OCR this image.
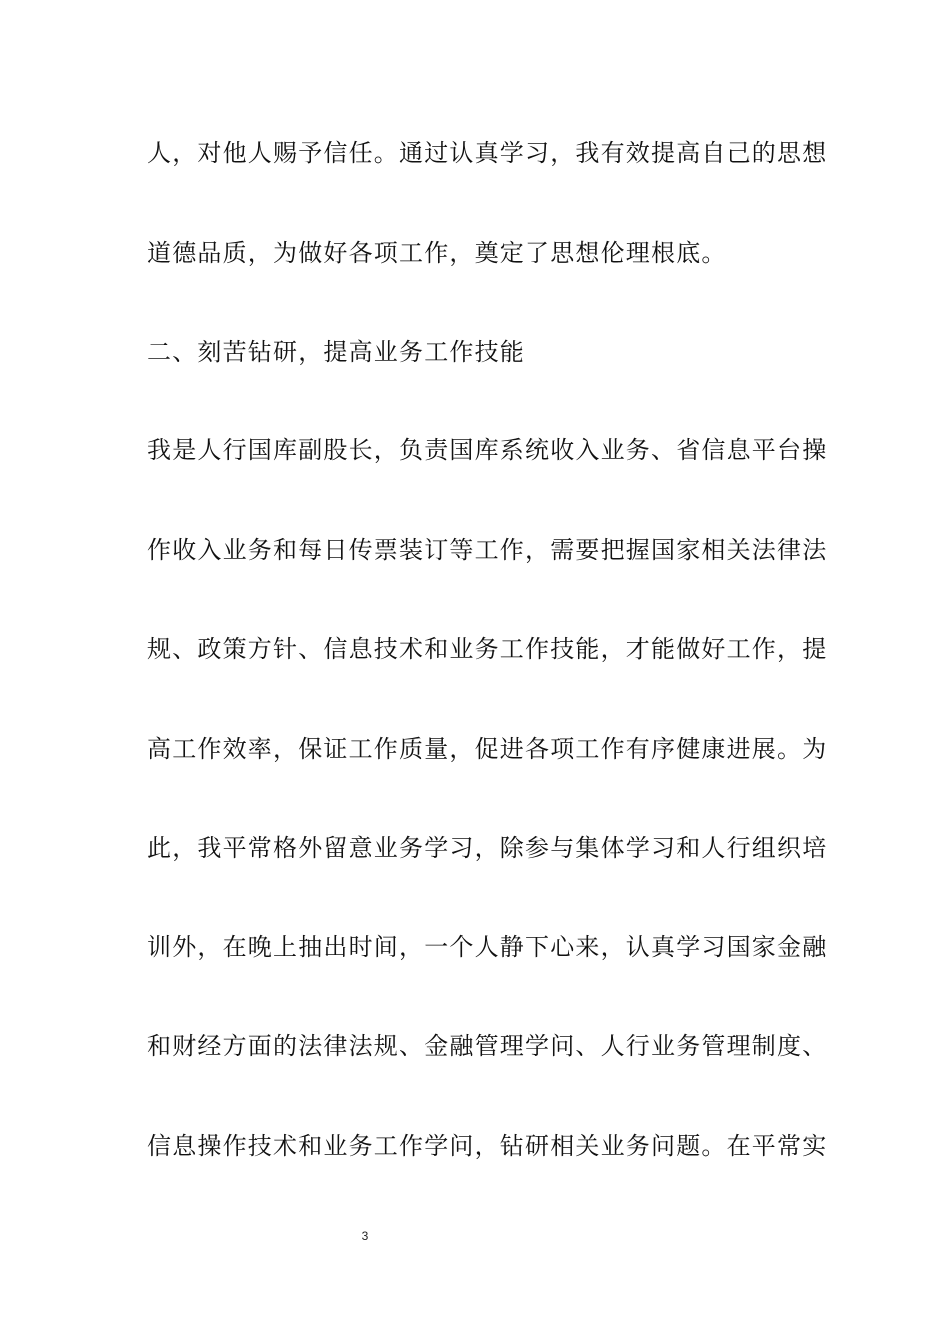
人，对他人赐予信任。通过认真学习，我有效提高自己的思想
道德品质，为做好各项工作，奠定了思想伦理根底。
二、刻苦钻研，提高业务工作技能
我是人行国库副股长，负责国库系统收入业务、省信息平台操
作收入业务和每日传票装订等工作，需要把握国家相关法律法
规、政策方针、信息技术和业务工作技能，才能做好工作，提
高工作效率，保证工作质量，促进各项工作有序健康进展。为
此，我平常格外留意业务学习，除参与集体学习和人行组织培
训外，在晚上抽出时间，一个人静下心来，认真学习国家金融
和财经方面的法律法规、金融管理学问、人行业务管理制度、
信息操作技术和业务工作学问，钻研相关业务问题。在平常实
3
